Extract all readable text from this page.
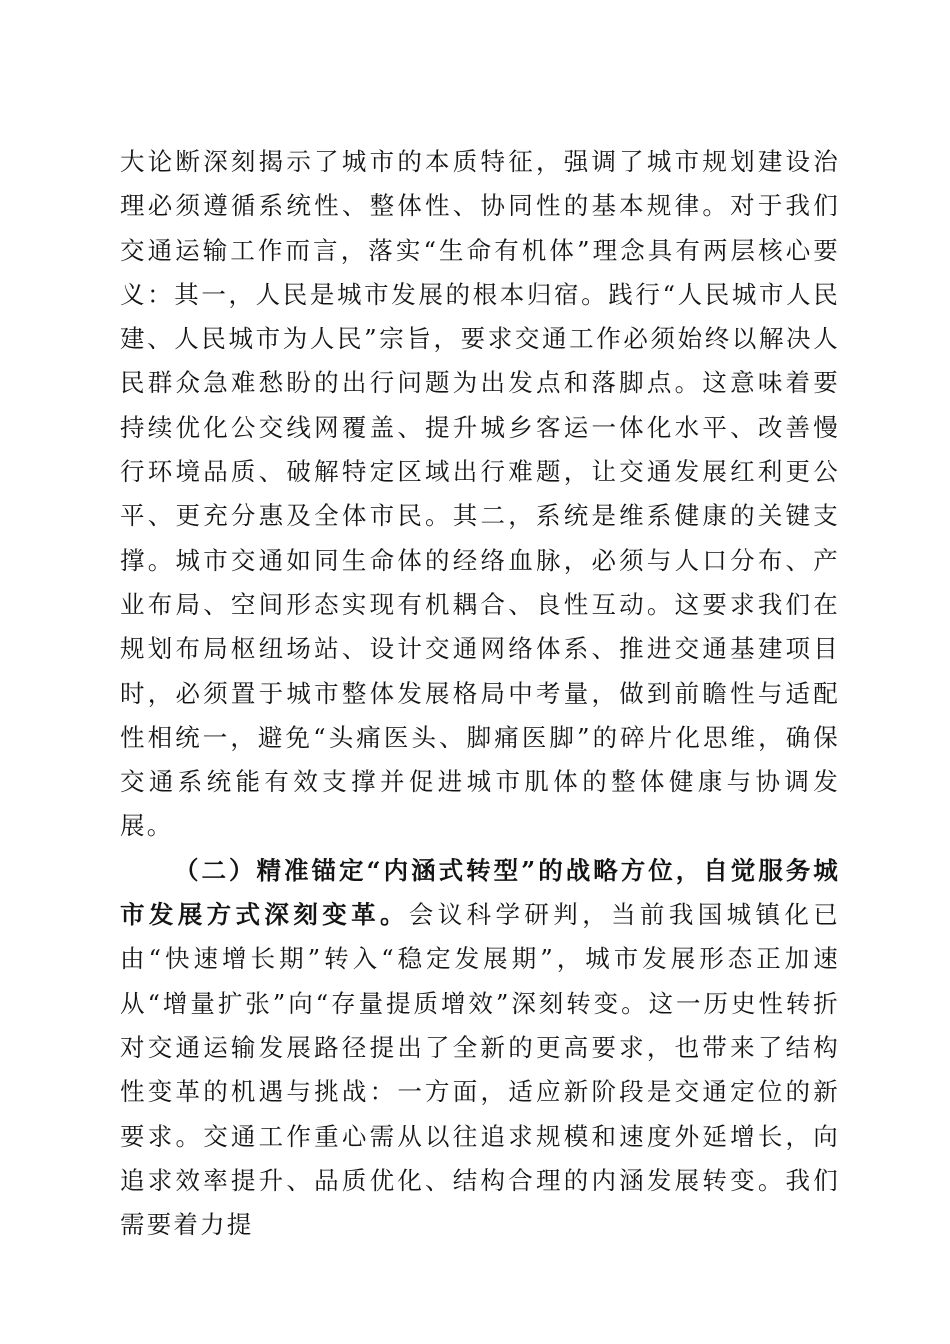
大论断深刻揭示了城市的本质特征，强调了城市规划建设治理必须遵循系统性、整体性、协同性的基本规律。对于我们交通运输工作而言，落实“生命有机体”理念具有两层核心要义：其一，人民是城市发展的根本归宿。践行“人民城市人民建、人民城市为人民”宗旨，要求交通工作必须始终以解决人民群众急难愁盼的出行问题为出发点和落脚点。这意味着要持续优化公交线网覆盖、提升城乡客运一体化水平、改善慢行环境品质、破解特定区域出行难题，让交通发展红利更公平、更充分惠及全体市民。其二，系统是维系健康的关键支撑。城市交通如同生命体的经络血脉，必须与人口分布、产业布局、空间形态实现有机耦合、良性互动。这要求我们在规划布局枢纽场站、设计交通网络体系、推进交通基建项目时，必须置于城市整体发展格局中考量，做到前瞻性与适配性相统一，避免“头痛医头、脚痛医脚”的碎片化思维，确保交通系统能有效支撑并促进城市肌体的整体健康与协调发展。

（二）精准锚定“内涵式转型”的战略方位，自觉服务城市发展方式深刻变革。会议科学研判，当前我国城镇化已由“快速增长期”转入“稳定发展期”，城市发展形态正加速从“增量扩张”向“存量提质增效”深刻转变。这一历史性转折对交通运输发展路径提出了全新的更高要求，也带来了结构性变革的机遇与挑战：一方面，适应新阶段是交通定位的新要求。交通工作重心需从以往追求规模和速度外延增长，向追求效率提升、品质优化、结构合理的内涵发展转变。我们需要着力提
